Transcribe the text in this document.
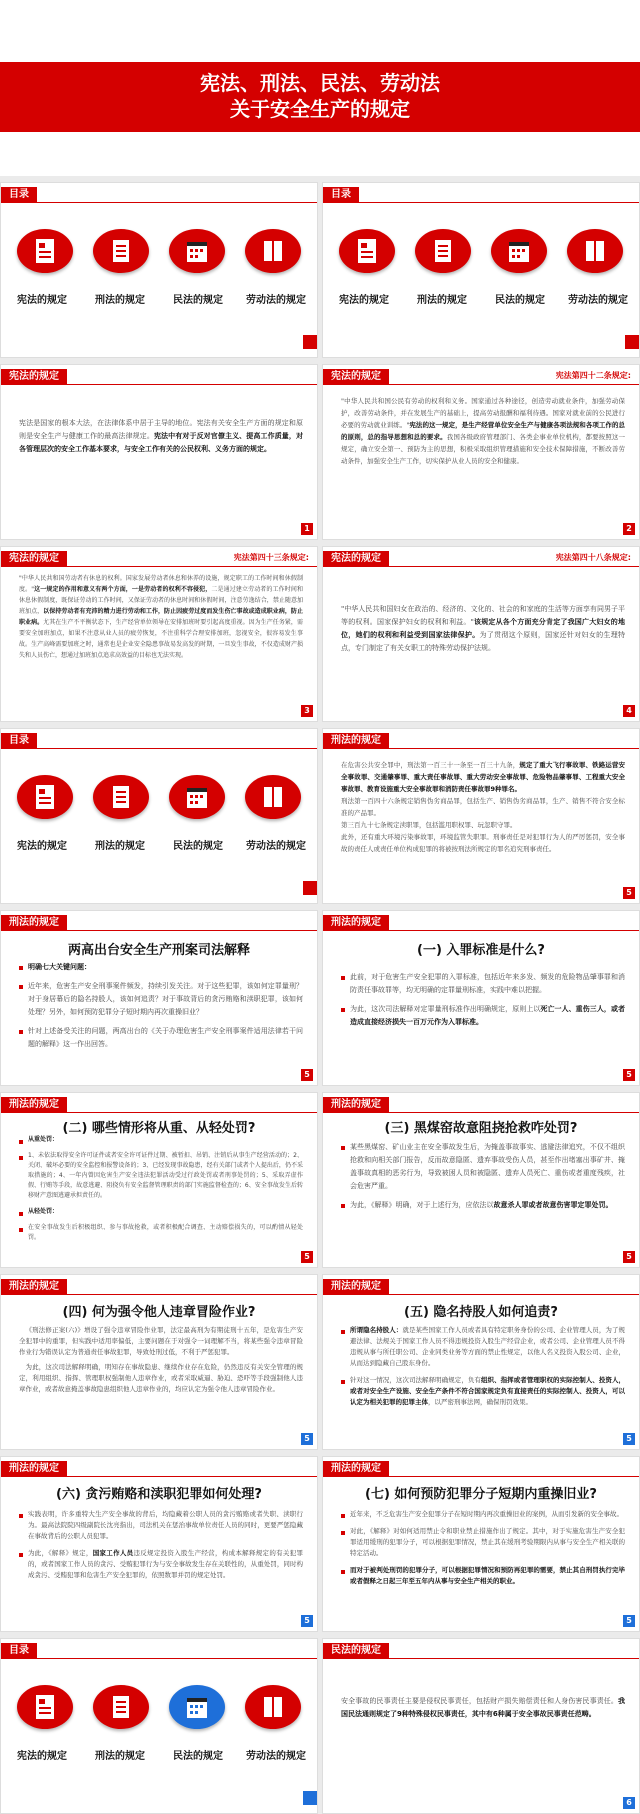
宪法、刑法、民法、劳动法
关于安全生产的规定
目录
宪法的规定	刑法的规定	民法的规定	劳动法的规定
目录
宪法的规定	刑法的规定	民法的规定	劳动法的规定
宪法的规定
宪法是国家的根本大法，在法律体系中居于主导的地位。宪法有关安全生产方面的规定和原则是安全生产与健康工作的最高法律规定。宪法中有对于反对官僚主义、提高工作质量，对各管理层次的安全工作基本要求，与安全工作有关的公民权利、义务方面的规定。
1
宪法的规定	宪法第四十二条规定:
"中华人民共和国公民有劳动的权利和义务。国家通过各种途径，创造劳动就业条件，加强劳动保护，改善劳动条件，并在发展生产的基础上，提高劳动报酬和福利待遇。国家对就业前的公民进行必要的劳动就业训练。"宪法的这一规定，是生产经营单位安全生产与健康各项法规和各项工作的总的原则，总的指导思想和总的要求。我国各级政府管理部门、各类企事业单位机构，都要按照这一规定，确立安全第一、预防为主的思想，积极采取组织管理措施和安全技术保障措施，不断改善劳动条件，加强安全生产工作，切实保护从业人员的安全和健康。
2
宪法的规定	宪法第四十三条规定:
"中华人民共和国劳动者有休息的权利。国家发展劳动者休息和休养的设施，规定职工的工作时间和休假制度。"这一规定的作用和意义有两个方面，一是劳动者的权利不容侵犯，二是通过建立劳动者的工作时间和休息休假制度，既保证劳动的工作时间，又保证劳动者的休息时间和休假时间，注意劳逸结合，禁止随意加班加点，以保持劳动者有充沛的精力进行劳动和工作，防止因疲劳过度而发生伤亡事故或造成职业病，防止职业病。尤其在生产不平衡状态下，生产经营单位领导在安排加班时要引起高度重视。因为生产任务紧，需要安全加班加点，如果不注意从业人员的疲劳恢复，不注重科学合理安排加班，忽视安全，很容易发生事故。生产高峰需要加班之时，通常也是企业安全隐患事故易发高发的时期，一旦发生事故，不仅造成财产损失和人员伤亡，想通过加班加点追求高效益的目标也无法实现。
3
宪法的规定	宪法第四十八条规定:
"中华人民共和国妇女在政治的、经济的、文化的、社会的和家庭的生活等方面享有同男子平等的权利。国家保护妇女的权利和利益。"该规定从各个方面充分肯定了我国广大妇女的地位，她们的权利和利益受到国家法律保护。为了贯彻这个原则，国家还针对妇女的生理特点，专门制定了有关女职工的特殊劳动保护法规。
4
目录
宪法的规定	刑法的规定	民法的规定	劳动法的规定
刑法的规定
在危害公共安全罪中，刑法第一百三十一条至一百三十九条，规定了重大飞行事故罪、铁路运营安全事故罪、交通肇事罪、重大责任事故罪、重大劳动安全事故罪、危险物品肇事罪、工程重大安全事故罪、教育设施重大安全事故罪和消防责任事故罪9种罪名。
刑法第一百四十六条规定销售伪劣商品罪，包括生产、销售伪劣商品罪，生产、销售不符合安全标准的产品罪。
第三百九十七条规定渎职罪，包括滥用职权罪、玩忽职守罪。
此外，还有重大环境污染事故罪，环境监管失职罪。刑事责任是对犯罪行为人的严厉惩罚，安全事故的责任人或责任单位构成犯罪的将被按刑法所规定的罪名追究刑事责任。
5
刑法的规定
两高出台安全生产刑案司法解释
明确七大关键问题：
近年来，危害生产安全刑事案件频发，持续引发关注。对于这些犯罪，该如何定罪量刑？对于身居幕后的隐名持股人，该如何追责？对于事故背后的贪污贿赂和渎职犯罪，该如何处理？另外，如何预防犯罪分子短时期内再次重操旧业？
针对上述备受关注的问题，两高出台的《关于办理危害生产安全刑事案件适用法律若干问题的解释》这一作出回答。
5
刑法的规定
(一) 入罪标准是什么?
此前，对于危害生产安全犯罪的入罪标准，包括近年来多发、频发的危险物品肇事罪和消防责任事故罪等，均无明确的定罪量刑标准，实践中难以把握。
为此，这次司法解释对定罪量刑标准作出明确规定，原则上以死亡一人、重伤三人，或者造成直接经济损失一百万元作为入罪标准。
5
刑法的规定
(二) 哪些情形将从重、从轻处罚?
从重处罚：
1、未依法取得安全许可证件或者安全许可证件过期、被暂扣、吊销、注销后从事生产经营活动的；2、关闭、破坏必要的安全监控和报警设备的；3、已经发现事故隐患，经有关部门或者个人提出后，仍不采取措施的；4、一年内曾因危害生产安全违法犯罪活动受过行政处罚或者刑事处罚的；5、采取弄虚作假、行贿等手段，故意逃避、阻挠负有安全监督管理职责的部门实施监督检查的；6、安全事故发生后转移财产意图逃避承担责任的。
从轻处罚：
在安全事故发生后积极组织、参与事故抢救，或者积极配合调查、主动赔偿损失的，可以酌情从轻处罚。
5
刑法的规定
(三) 黑煤窑故意阻挠抢救咋处罚?
某些黑煤窑、矿山业主在安全事故发生后，为掩盖事故事实、逃避法律追究，不仅不组织抢救和向相关部门报告，反而故意隐匿、遗弃事故受伤人员，甚至作出堵塞出事矿井、掩盖事故真相的恶劣行为，导致被困人员和被隐匿、遗弃人员死亡、重伤或者重度残疾，社会危害严重。
为此，《解释》明确，对于上述行为，应依法以故意杀人罪或者故意伤害罪定罪处罚。
5
刑法的规定
(四) 何为强令他人违章冒险作业?
《刑法修正案(六)》增设了强令违章冒险作业罪，法定最高刑为有期徒刑十五年，是危害生产安全犯罪中的重罪，但实践中适用率偏低，主要问题在于对强令一词理解不当，将某些强令违章冒险作业行为错误认定为普通责任事故犯罪，导致处刑过低，不利于严惩犯罪。
为此，这次司法解释明确，明知存在事故隐患、继续作业存在危险，仍然违反有关安全管理的规定，利用组织、指挥、管理职权强制他人违章作业，或者采取威逼、胁迫、恐吓等手段强制他人违章作业，或者故意掩盖事故隐患组织他人违章作业的，均应认定为强令他人违章冒险作业。
5
刑法的规定
(五) 隐名持股人如何追责?
所谓隐名持股人：就是某些国家工作人员或者具有特定职务身份的公司、企业管理人员，为了规避法律、法规关于国家工作人员不得违规投资入股生产经营企业，或者公司、企业管理人员不得违规从事与所任职公司、企业同类业务等方面的禁止性规定，以他人名义投资入股公司、企业，从而达到隐藏自己股东身份。
针对这一情况，这次司法解释明确规定，负有组织、指挥或者管理职权的实际控制人、投资人，或者对安全生产设施、安全生产条件不符合国家规定负有直接责任的实际控制人、投资人，可以认定为相关犯罪的犯罪主体，以严密刑事法网，确保刑罚效果。
5
刑法的规定
(六) 贪污贿赂和渎职犯罪如何处理?
实践表明，许多重特大生产安全事故的背后，均隐藏着公职人员的贪污贿赂或者失职、渎职行为。最高法院院四级副院长沈亮指出，司法机关在惩治事故单位责任人员的同时，更要严惩隐藏在事故背后的公职人员犯罪。
为此，《解释》规定，国家工作人员违反规定投资入股生产经营，构成本解释规定的有关犯罪的，或者国家工作人员的贪污、受贿犯罪行为与安全事故发生存在关联性的，从重处罚，同时构成贪污、受贿犯罪和危害生产安全犯罪的，依照数罪并罚的规定处罚。
5
刑法的规定
(七) 如何预防犯罪分子短期内重操旧业?
近年来，不乏危害生产安全犯罪分子在短时期内再次重操旧业的案例，从而引发新的安全事故。
对此，《解释》对如何适用禁止令和职业禁止措施作出了规定。其中，对于实施危害生产安全犯罪适用缓刑的犯罪分子，可以根据犯罪情况，禁止其在缓刑考验期限内从事与安全生产相关联的特定活动。
而对于被判处刑罚的犯罪分子，可以根据犯罪情况和预防再犯罪的需要，禁止其自刑罚执行完毕或者假释之日起三年至五年内从事与安全生产相关的职业。
5
目录
宪法的规定	刑法的规定	民法的规定	劳动法的规定
民法的规定
安全事故的民事责任主要是侵权民事责任，包括财产损失赔偿责任和人身伤害民事责任。我国民法通则规定了9种特殊侵权民事责任，其中有6种属于安全事故民事责任范畴。
6
